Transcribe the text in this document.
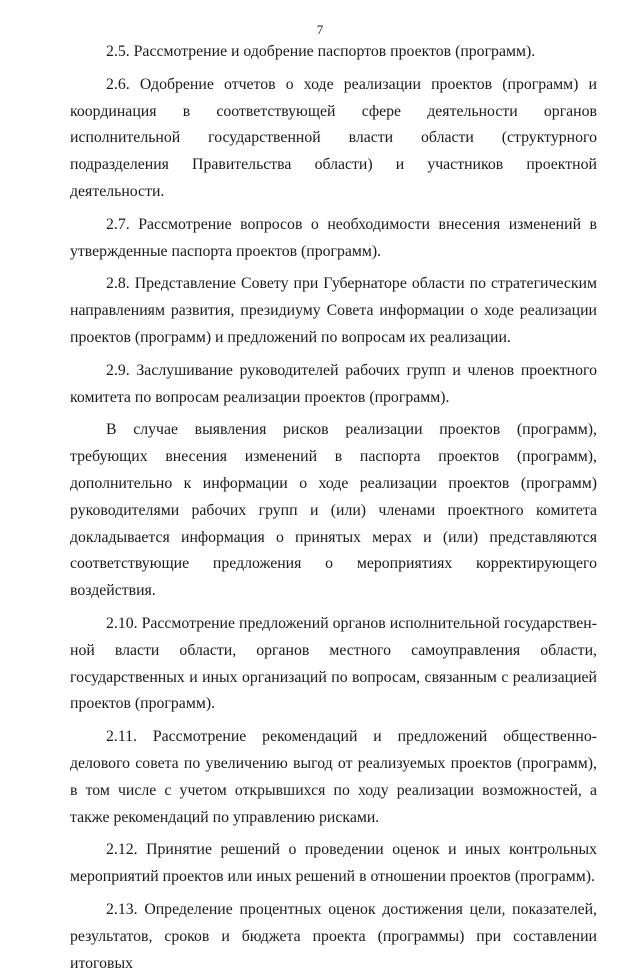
7

2.5. Рассмотрение и одобрение паспортов проектов (программ).

2.6. Одобрение отчетов о ходе реализации проектов (программ) и координация в соответствующей сфере деятельности органов исполнительной государственной власти области (структурного подразделения Правительства области) и участников проектной деятельности.

2.7. Рассмотрение вопросов о необходимости внесения изменений в утвержденные паспорта проектов (программ).

2.8. Представление Совету при Губернаторе области по стратегическим направлениям развития, президиуму Совета информации о ходе реализации проектов (программ) и предложений по вопросам их реализации.

2.9. Заслушивание руководителей рабочих групп и членов проектного комитета по вопросам реализации проектов (программ).

В случае выявления рисков реализации проектов (программ), требующих внесения изменений в паспорта проектов (программ), дополнительно к информации о ходе реализации проектов (программ) руководителями рабочих групп и (или) членами проектного комитета докладывается информация о принятых мерах и (или) представляются соответствующие предложения о мероприятиях корректирующего воздействия.

2.10. Рассмотрение предложений органов исполнительной государственной власти области, органов местного самоуправления области, государственных и иных организаций по вопросам, связанным с реализацией проектов (программ).

2.11. Рассмотрение рекомендаций и предложений общественно-делового совета по увеличению выгод от реализуемых проектов (программ), в том числе с учетом открывшихся по ходу реализации возможностей, а также рекомендаций по управлению рисками.

2.12. Принятие решений о проведении оценок и иных контрольных мероприятий проектов или иных решений в отношении проектов (программ).

2.13. Определение процентных оценок достижения цели, показателей, результатов, сроков и бюджета проекта (программы) при составлении итоговых
